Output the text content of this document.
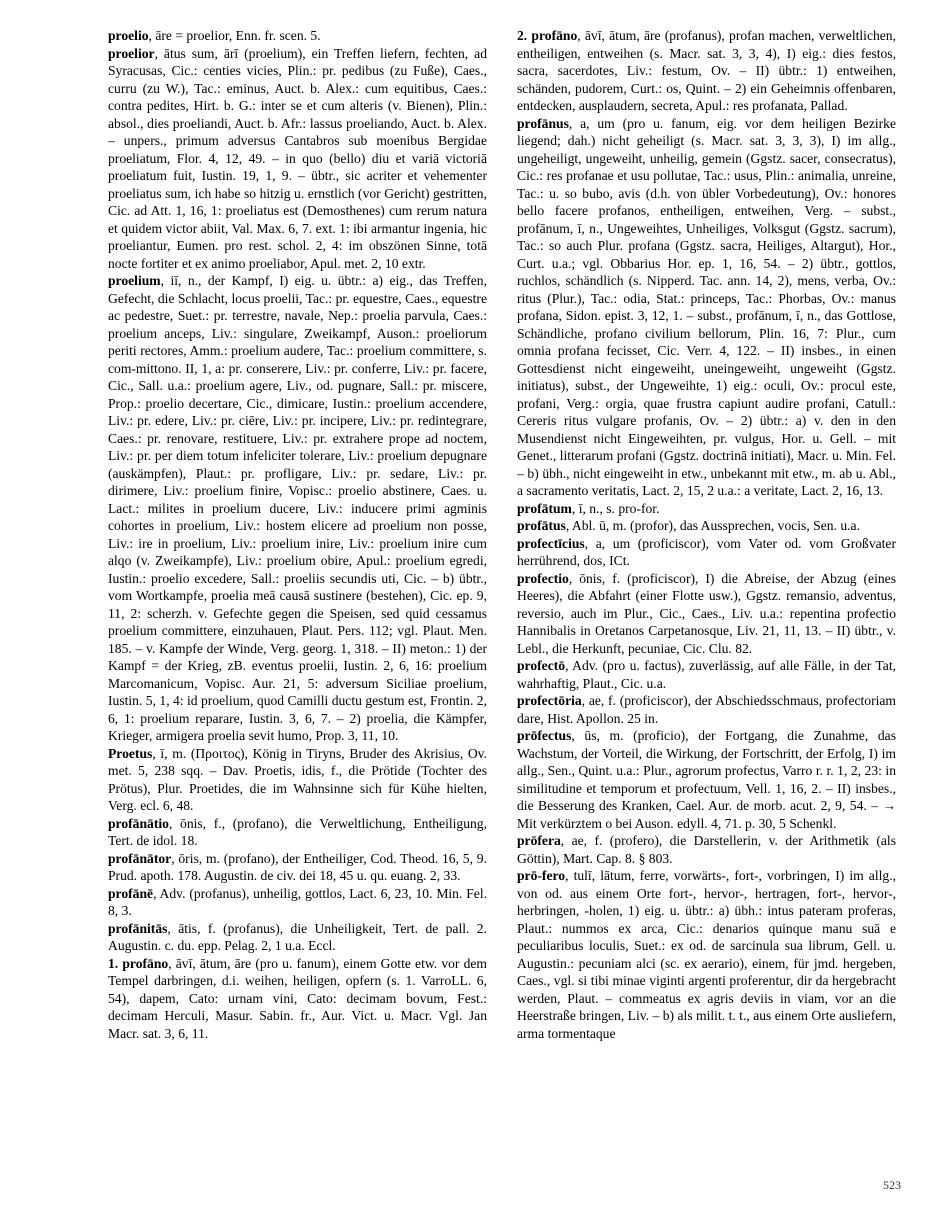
proelio, āre = proelior, Enn. fr. scen. 5.

proelior, ātus sum, ārī (proelium), ein Treffen liefern, fechten, ad Syracusas, Cic.: centies vicies, Plin.: pr. pedibus (zu Fuße), Caes., curru (zu W.), Tac.: eminus, Auct. b. Alex.: cum equitibus, Caes.: contra pedites, Hirt. b. G.: inter se et cum alteris (v. Bienen), Plin.: absol., dies proeliandi, Auct. b. Afr.: lassus proeliando, Auct. b. Alex. – unpers., primum adversus Cantabros sub moenibus Bergidae proeliatum, Flor. 4, 12, 49. – in quo (bello) diu et variā victoriā proeliatum fuit, Iustin. 19, 1, 9. – übtr., sic acriter et vehementer proeliatus sum, ich habe so hitzig u. ernstlich (vor Gericht) gestritten, Cic. ad Att. 1, 16, 1: proeliatus est (Demosthenes) cum rerum natura et quidem victor abiit, Val. Max. 6, 7. ext. 1: ibi armantur ingenia, hic proeliantur, Eumen. pro rest. schol. 2, 4: im obszönen Sinne, totā nocte fortiter et ex animo proeliabor, Apul. met. 2, 10 extr.

proelium, iī, n., der Kampf, I) eig. u. übtr.: a) eig., das Treffen, Gefecht, die Schlacht, locus proelii, Tac.: pr. equestre, Caes., equestre ac pedestre, Suet.: pr. terrestre, navale, Nep.: proelia parvula, Caes.: proelium anceps, Liv.: singulare, Zweikampf, Auson.: proeliorum periti rectores, Amm.: proelium audere, Tac.: proelium committere, s. com-mittono. II, 1, a: pr. conserere, Liv.: pr. conferre, Liv.: pr. facere, Cic., Sall. u.a.: proelium agere, Liv., od. pugnare, Sall.: pr. miscere, Prop.: proelio decertare, Cic., dimicare, Iustin.: proelium accendere, Liv.: pr. edere, Liv.: pr. ciēre, Liv.: pr. incipere, Liv.: pr. redintegrare, Caes.: pr. renovare, restituere, Liv.: pr. extrahere prope ad noctem, Liv.: pr. per diem totum infeliciter tolerare, Liv.: proelium depugnare (auskämpfen), Plaut.: pr. profligare, Liv.: pr. sedare, Liv.: pr. dirimere, Liv.: proelium finire, Vopisc.: proelio abstinere, Caes. u. Lact.: milites in proelium ducere, Liv.: inducere primi agminis cohortes in proelium, Liv.: hostem elicere ad proelium non posse, Liv.: ire in proelium, Liv.: proelium inire, Liv.: proelium inire cum alqo (v. Zweikampfe), Liv.: proelium obire, Apul.: proelium egredi, Iustin.: proelio excedere, Sall.: proeliis secundis uti, Cic. – b) übtr., vom Wortkampfe, proelia meā causā sustinere (bestehen), Cic. ep. 9, 11, 2: scherzh. v. Gefechte gegen die Speisen, sed quid cessamus proelium committere, einzuhauen, Plaut. Pers. 112; vgl. Plaut. Men. 185. – v. Kampfe der Winde, Verg. georg. 1, 318. – II) meton.: 1) der Kampf = der Krieg, zB. eventus proelii, Iustin. 2, 6, 16: proelium Marcomanicum, Vopisc. Aur. 21, 5: adversum Siciliae proelium, Iustin. 5, 1, 4: id proelium, quod Camilli ductu gestum est, Frontin. 2, 6, 1: proelium reparare, Iustin. 3, 6, 7. – 2) proelia, die Kämpfer, Krieger, armigera proelia sevit humo, Prop. 3, 11, 10.

Proetus, ī, m. (Προιτος), König in Tiryns, Bruder des Akrisius, Ov. met. 5, 238 sqq. – Dav. Proetis, idis, f., die Prötide (Tochter des Prötus), Plur. Proetides, die im Wahnsinne sich für Kühe hielten, Verg. ecl. 6, 48.

profānātio, ōnis, f., (profano), die Verweltlichung, Entheiligung, Tert. de idol. 18.

profānātor, ōris, m. (profano), der Entheiliger, Cod. Theod. 16, 5, 9. Prud. apoth. 178. Augustin. de civ. dei 18, 45 u. qu. euang. 2, 33.

profānē, Adv. (profanus), unheilig, gottlos, Lact. 6, 23, 10. Min. Fel. 8, 3.

profānitās, ātis, f. (profanus), die Unheiligkeit, Tert. de pall. 2. Augustin. c. du. epp. Pelag. 2, 1 u.a. Eccl.

1. profāno, āvī, ātum, āre (pro u. fanum), einem Gotte etw. vor dem Tempel darbringen, d.i. weihen, heiligen, opfern (s. 1. VarroLL. 6, 54), dapem, Cato: urnam vini, Cato: decimam bovum, Fest.: decimam Herculi, Masur. Sabin. fr., Aur. Vict. u. Macr. Vgl. Jan Macr. sat. 3, 6, 11.

2. profāno, āvī, ātum, āre (profanus), profan machen, verweltlichen, entheiligen, entweihen (s. Macr. sat. 3, 3, 4), I) eig.: dies festos, sacra, sacerdotes, Liv.: festum, Ov. – II) übtr.: 1) entweihen, schänden, pudorem, Curt.: os, Quint. – 2) ein Geheimnis offenbaren, entdecken, ausplaudern, secreta, Apul.: res profanata, Pallad.

profānus, a, um (pro u. fanum, eig. vor dem heiligen Bezirke liegend; dah.) nicht geheiligt (s. Macr. sat. 3, 3, 3), I) im allg., ungeheiligt, ungeweiht, unheilig, gemein (Ggstz. sacer, consecratus), Cic.: res profanae et usu pollutae, Tac.: usus, Plin.: animalia, unreine, Tac.: u. so bubo, avis (d.h. von übler Vorbedeutung), Ov.: honores bello facere profanos, entheiligen, entweihen, Verg. – subst., profānum, ī, n., Ungeweihtes, Unheiliges, Volksgut (Ggstz. sacrum), Tac.: so auch Plur. profana (Ggstz. sacra, Heiliges, Altargut), Hor., Curt. u.a.; vgl. Obbarius Hor. ep. 1, 16, 54. – 2) übtr., gottlos, ruchlos, schändlich (s. Nipperd. Tac. ann. 14, 2), mens, verba, Ov.: ritus (Plur.), Tac.: odia, Stat.: princeps, Tac.: Phorbas, Ov.: manus profana, Sidon. epist. 3, 12, 1. – subst., profānum, ī, n., das Gottlose, Schändliche, profano civilium bellorum, Plin. 16, 7: Plur., cum omnia profana fecisset, Cic. Verr. 4, 122. – II) insbes., in einen Gottesdienst nicht eingeweiht, uneingeweiht, ungeweiht (Ggstz. initiatus), subst., der Ungeweihte, 1) eig.: oculi, Ov.: procul este, profani, Verg.: orgia, quae frustra capiunt audire profani, Catull.: Cereris ritus vulgare profanis, Ov. – 2) übtr.: a) v. den in den Musendienst nicht Eingeweihten, pr. vulgus, Hor. u. Gell. – mit Genet., litterarum profani (Ggstz. doctrinā initiati), Macr. u. Min. Fel. – b) übh., nicht eingeweiht in etw., unbekannt mit etw., m. ab u. Abl., a sacramento veritatis, Lact. 2, 15, 2 u.a.: a veritate, Lact. 2, 16, 13.

profātum, ī, n., s. pro-for.

profātus, Abl. ū, m. (profor), das Aussprechen, vocis, Sen. u.a.

profectīcius, a, um (proficiscor), vom Vater od. vom Großvater herrührend, dos, ICt.

profectio, ōnis, f. (proficiscor), I) die Abreise, der Abzug (eines Heeres), die Abfahrt (einer Flotte usw.), Ggstz. remansio, adventus, reversio, auch im Plur., Cic., Caes., Liv. u.a.: repentina profectio Hannibalis in Oretanos Carpetanosque, Liv. 21, 11, 13. – II) übtr., v. Lebl., die Herkunft, pecuniae, Cic. Clu. 82.

profectō, Adv. (pro u. factus), zuverlässig, auf alle Fälle, in der Tat, wahrhaftig, Plaut., Cic. u.a.

profectōria, ae, f. (proficiscor), der Abschiedsschmaus, profectoriam dare, Hist. Apollon. 25 in.

prōfectus, ūs, m. (proficio), der Fortgang, die Zunahme, das Wachstum, der Vorteil, die Wirkung, der Fortschritt, der Erfolg, I) im allg., Sen., Quint. u.a.: Plur., agrorum profectus, Varro r. r. 1, 2, 23: in similitudine et temporum et profectuum, Vell. 1, 16, 2. – II) insbes., die Besserung des Kranken, Cael. Aur. de morb. acut. 2, 9, 54. – → Mit verkürztem o bei Auson. edyll. 4, 71. p. 30, 5 Schenkl.

prōfera, ae, f. (profero), die Darstellerin, v. der Arithmetik (als Göttin), Mart. Cap. 8. § 803.

prō-fero, tulī, lātum, ferre, vorwärts-, fort-, vorbringen, I) im allg., von od. aus einem Orte fort-, hervor-, hertragen, fort-, hervor-, herbringen, -holen, 1) eig. u. übtr.: a) übh.: intus pateram proferas, Plaut.: nummos ex arca, Cic.: denarios quinque manu suā e peculiaribus loculis, Suet.: ex od. de sarcinula sua librum, Gell. u. Augustin.: pecuniam alci (sc. ex aerario), einem, für jmd. hergeben, Caes., vgl. si tibi minae viginti argenti proferentur, dir da hergebracht werden, Plaut. – commeatus ex agris deviis in viam, vor an die Heerstraße bringen, Liv. – b) als milit. t. t., aus einem Orte ausliefern, arma tormentaque

523
